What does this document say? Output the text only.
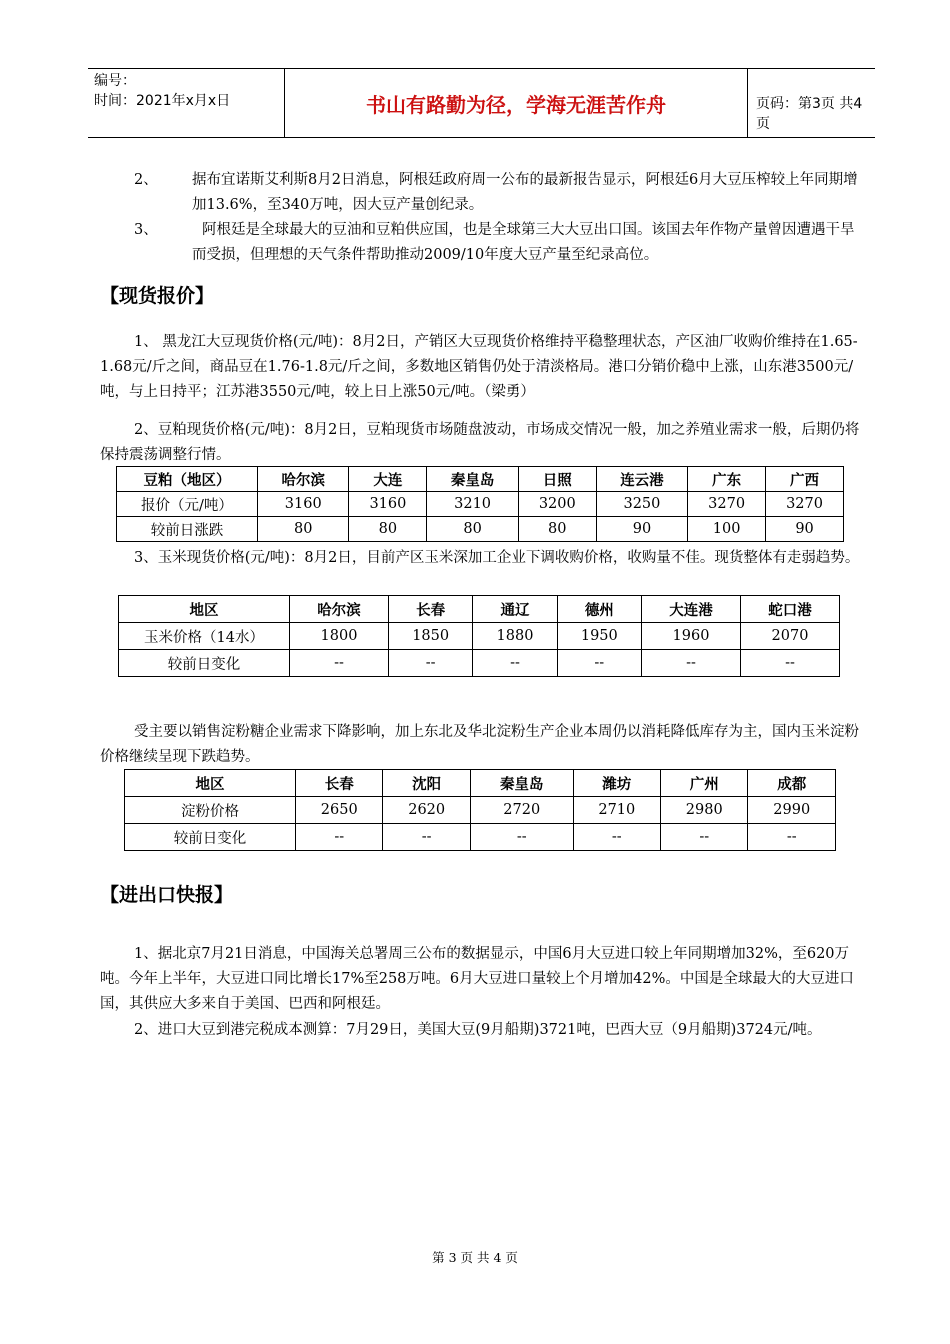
编号：
时间：2021年x月x日	书山有路勤为径，学海无涯苦作舟	页码：第3页 共4页
2、 据布宜诺斯艾利斯8月2日消息，阿根廷政府周一公布的最新报告显示，阿根廷6月大豆压榨较上年同期增加13.6%，至340万吨，因大豆产量创纪录。
3、	阿根廷是全球最大的豆油和豆粕供应国，也是全球第三大大豆出口国。该国去年作物产量曾因遭遇干旱而受损，但理想的天气条件帮助推动2009/10年度大豆产量至纪录高位。
【现货报价】
1、 黑龙江大豆现货价格(元/吨)：8月2日，产销区大豆现货价格维持平稳整理状态，产区油厂收购价维持在1.65-1.68元/斤之间，商品豆在1.76-1.8元/斤之间，多数地区销售仍处于清淡格局。港口分销价稳中上涨，山东港3500元/吨，与上日持平；江苏港3550元/吨，较上日上涨50元/吨。（梁勇）
2、豆粕现货价格(元/吨)：8月2日，豆粕现货市场随盘波动，市场成交情况一般，加之养殖业需求一般，后期仍将保持震荡调整行情。
豆粕（地区）	哈尔滨	大连	秦皇岛	日照	连云港	广东	广西
报价（元/吨）	3160	3160	3210	3200	3250	3270	3270
较前日涨跌	80	80	80	80	90	100	90
3、玉米现货价格(元/吨)：8月2日，目前产区玉米深加工企业下调收购价格，收购量不佳。现货整体有走弱趋势。
地区	哈尔滨	长春	通辽	德州	大连港	蛇口港
玉米价格（14水）	1800	1850	1880	1950	1960	2070
较前日变化	--	--	--	--	--	--
受主要以销售淀粉糖企业需求下降影响，加上东北及华北淀粉生产企业本周仍以消耗降低库存为主，国内玉米淀粉价格继续呈现下跌趋势。
地区	长春	沈阳	秦皇岛	潍坊	广州	成都
淀粉价格	2650	2620	2720	2710	2980	2990
较前日变化	--	--	--	--	--	--
【进出口快报】
1、据北京7月21日消息，中国海关总署周三公布的数据显示，中国6月大豆进口较上年同期增加32%，至620万吨。今年上半年，大豆进口同比增长17%至258万吨。6月大豆进口量较上个月增加42%。中国是全球最大的大豆进口国，其供应大多来自于美国、巴西和阿根廷。
2、进口大豆到港完税成本测算：7月29日，美国大豆(9月船期)3721吨，巴西大豆（9月船期)3724元/吨。
第 3 页 共 4 页
